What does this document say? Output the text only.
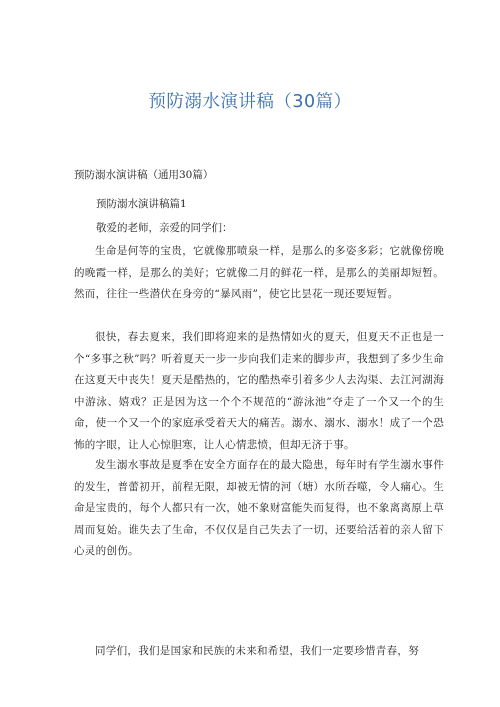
预防溺水演讲稿（30篇）
预防溺水演讲稿（通用30篇）
预防溺水演讲稿篇1
敬爱的老师，亲爱的同学们：

生命是何等的宝贵，它就像那喷泉一样，是那么的多姿多彩；它就像傍晚的晚霞一样，是那么的美好；它就像二月的鲜花一样，是那么的美丽却短暂。然而，往往一些潜伏在身旁的“暴风雨”，使它比昙花一现还要短暂。

很快，春去夏来，我们即将迎来的是热情如火的夏天，但夏天不正也是一个“多事之秋”吗？听着夏天一步一步向我们走来的脚步声，我想到了多少生命在这夏天中丧失！夏天是酷热的，它的酷热牵引着多少人去沟渠、去江河湖海中游泳、嬉戏？正是因为这一个个不规范的“游泳池”夺走了一个又一个的生命，使一个又一个的家庭承受着天大的痛苦。溺水、溺水、溺水！成了一个恐怖的字眼，让人心惊胆寒，让人心情悲愤，但却无济于事。

发生溺水事故是夏季在安全方面存在的最大隐患，每年时有学生溺水事件的发生，普蕾初开，前程无限，却被无情的河（塘）水所吞噬，令人痛心。生命是宝贵的，每个人都只有一次，她不象财富能失而复得，也不象离离原上草周而复始。谁失去了生命，不仅仅是自己失去了一切，还要给活着的亲人留下心灵的创伤。

同学们，我们是国家和民族的未来和希望，我们一定要珍惜青春，努
